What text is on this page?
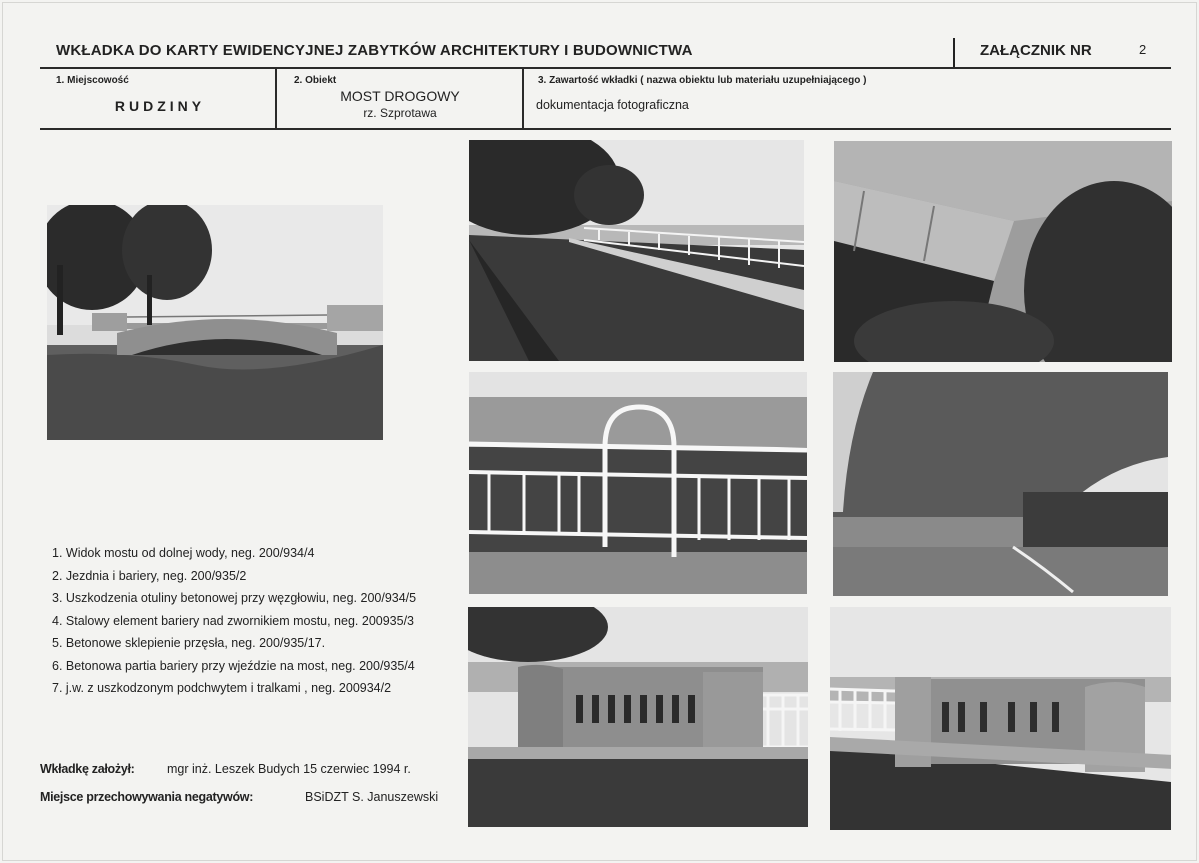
WKŁADKA DO KARTY EWIDENCYJNEJ ZABYTKÓW ARCHITEKTURY I BUDOWNICTWA	ZAŁĄCZNIK NR	2
1. Miejscowość
RUDZINY
2. Obiekt
MOST DROGOWY
rz. Szprotawa
3. Zawartość wkładki ( nazwa obiektu lub materiału uzupełniającego )
dokumentacja fotograficzna
1. Widok mostu od dolnej wody, neg. 200/934/4
2. Jezdnia i bariery, neg. 200/935/2
3. Uszkodzenia otuliny betonowej przy węzgłowiu, neg. 200/934/5
4. Stalowy element bariery nad zwornikiem mostu, neg. 200935/3
5. Betonowe sklepienie przęsła, neg. 200/935/17.
6. Betonowa partia bariery przy wjeździe na most, neg. 200/935/4
7. j.w. z uszkodzonym podchwytem i tralkami , neg. 200934/2
Wkładkę założył:	mgr inż. Leszek Budych 15 czerwiec 1994 r.
Miejsce przechowywania negatywów:	BSiDZT S. Januszewski
